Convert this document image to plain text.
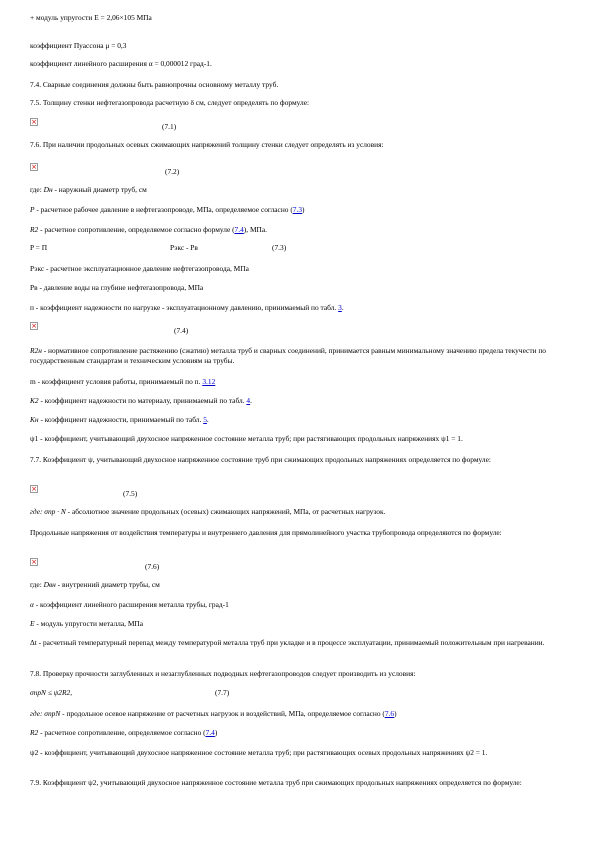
+ модуль упругости E = 2,06×105 МПа

коэффициент Пуассона μ = 0,3

коэффициент линейного расширения α = 0,000012 град-1.

7.4. Сварные соединения должны быть равнопрочны основному металлу труб.

7.5. Толщину стенки нефтегазопровода расчетную δ см, следует определять по формуле:

×
(7.1)

7.6. При наличии продольных осевых сжимающих напряжений толщину стенки следует определять из условия:

×
(7.2)

где: Dн - наружный диаметр труб, см

P - расчетное рабочее давление в нефтегазопроводе, МПа, определяемое согласно (7.3)

R2 - расчетное сопротивление, определяемое согласно формуле (7.4), МПа.

P = П	Рэкс - Рв	(7.3)

Рэкс - расчетное эксплуатационное давление нефтегазопровода, МПа

Рв - давление воды на глубине нефтегазопровода, МПа

п - коэффициент надежности по нагрузке - эксплуатационному давлению, принимаемый по табл. 3.

×
(7.4)

R2н - нормативное сопротивление растяжению (сжатию) металла труб и сварных соединений, принимается равным минимальному значению предела текучести по государственным стандартам и техническим условиям на трубы.

m - коэффициент условия работы, принимаемый по п. 3.12

K2 - коэффициент надежности по материалу, принимаемый по табл. 4.

Kн - коэффициент надежности, принимаемый по табл. 5.

ψ1 - коэффициент, учитывающий двухосное напряженное состояние металла труб; при растягивающих продольных напряжениях ψ1 = 1.

7.7. Коэффициент ψ, учитывающий двухосное напряженное состояние труб при сжимающих продольных напряжениях определяется по формуле:

×
(7.5)

где: σпр · N - абсолютное значение продольных (осевых) сжимающих напряжений, МПа, от расчетных нагрузок.

Продольные напряжения от воздействия температуры и внутреннего давления для прямолинейного участка трубопровода определяются по формуле:

×
(7.6)

где: Dвн - внутренний диаметр трубы, см

α - коэффициент линейного расширения металла трубы, град-1

E - модуль упругости металла, МПа

Δt - расчетный температурный перепад между температурой металла труб при укладке и в процессе эксплуатации, принимаемый положительным при нагревании.

7.8. Проверку прочности заглубленных и незаглубленных подводных нефтегазопроводов следует производить из условия:

σпрN ≤ ψ2R2,	(7.7)

где: σпрN - продольное осевое напряжение от расчетных нагрузок и воздействий, МПа, определяемое согласно (7.6)

R2 - расчетное сопротивление, определяемое согласно (7.4)

ψ2 - коэффициент, учитывающий двухосное напряженное состояние металла труб; при растягивающих осевых продольных напряжениях ψ2 = 1.

7.9. Коэффициент ψ2, учитывающий двухосное напряженное состояние металла труб при сжимающих продольных напряжениях определяется по формуле:
